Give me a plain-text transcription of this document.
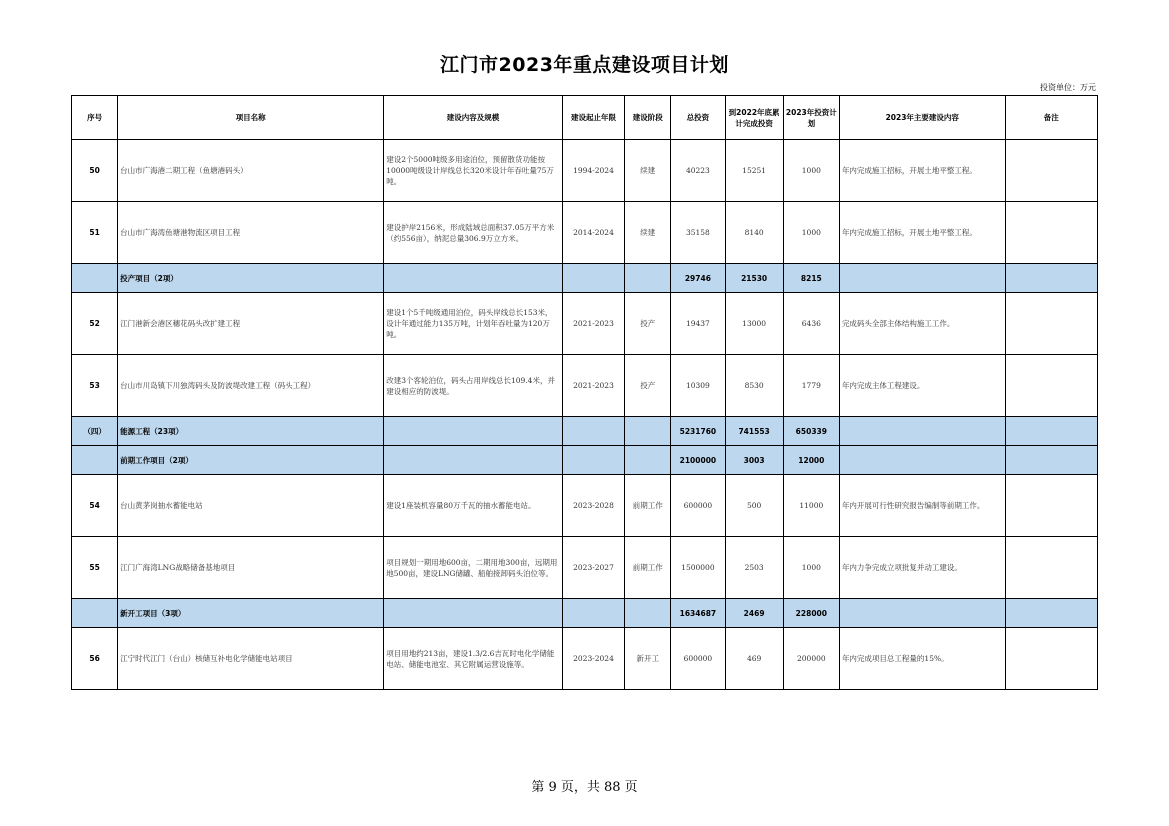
江门市2023年重点建设项目计划
投资单位：万元
序号	项目名称	建设内容及规模	建设起止年限	建设阶段	总投资	到2022年底累计完成投资	2023年投资计划	2023年主要建设内容	备注
50	台山市广海港二期工程（鱼塘港码头）	建设2个5000吨级多用途泊位，预留散货功能按10000吨级设计岸线总长320米设计年吞吐量75万吨。	1994-2024	续建	40223	15251	1000	年内完成施工招标，开展土地平整工程。	
51	台山市广海湾鱼塘港物流区项目工程	建设护岸2156米，形成陆域总面积37.05万平方米（约556亩），纳泥总量306.9万立方米。	2014-2024	续建	35158	8140	1000	年内完成施工招标，开展土地平整工程。	
	投产项目（2项）				29746	21530	8215		
52	江门港新会港区穗花码头改扩建工程	建设1个5千吨级通用泊位，码头岸线总长153米，设计年通过能力135万吨，计划年吞吐量为120万吨。	2021-2023	投产	19437	13000	6436	完成码头全部主体结构施工工作。	
53	台山市川岛镇下川独湾码头及防波堤改建工程（码头工程）	改建3个客轮泊位，码头占用岸线总长109.4米，并建设相应的防波堤。	2021-2023	投产	10309	8530	1779	年内完成主体工程建设。	
（四）	能源工程（23项）				5231760	741553	650339		
	前期工作项目（2项）				2100000	3003	12000		
54	台山黄茅岗抽水蓄能电站	建设1座装机容量80万千瓦的抽水蓄能电站。	2023-2028	前期工作	600000	500	11000	年内开展可行性研究报告编制等前期工作。	
55	江门广海湾LNG战略储备基地项目	项目规划一期用地600亩，二期用地300亩，远期用地500亩，建设LNG储罐、船舶接卸码头泊位等。	2023-2027	前期工作	1500000	2503	1000	年内力争完成立项批复并动工建设。	
	新开工项目（3项）				1634687	2469	228000		
56	江宁时代江门（台山）核储互补电化学储能电站项目	项目用地约213亩，建设1.3/2.6吉瓦时电化学储能电站、储能电池室、其它附属运营设施等。	2023-2024	新开工	600000	469	200000	年内完成项目总工程量的15%。	
第 9 页，共 88 页
